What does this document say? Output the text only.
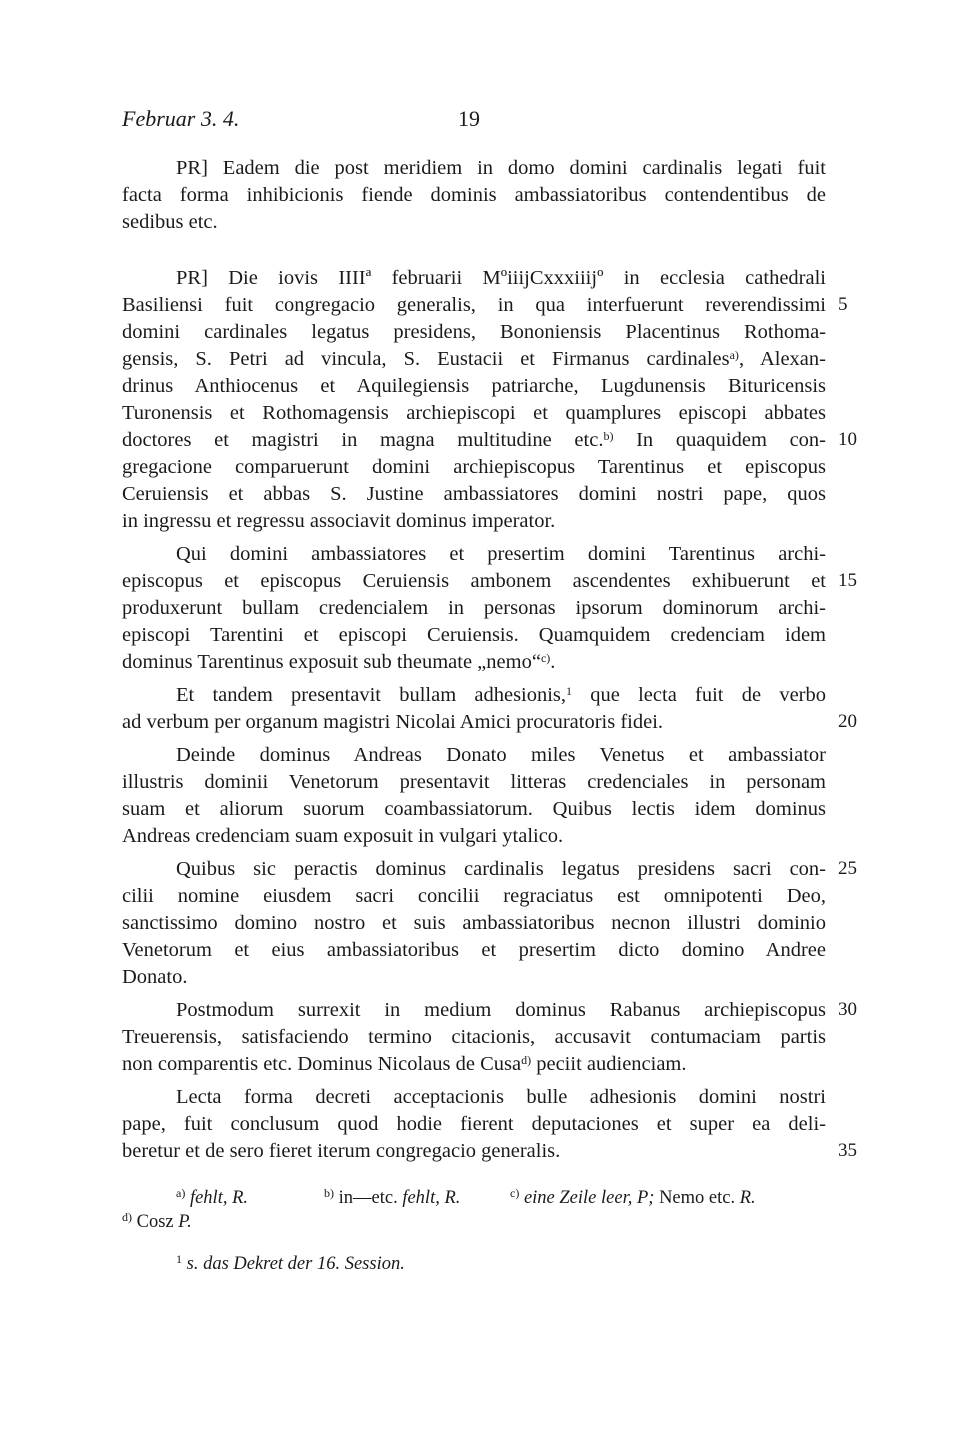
Februar 3. 4.	19
PR] Eadem die post meridiem in domo domini cardinalis legati fuit
facta forma inhibicionis fiende dominis ambassiatoribus contendentibus de
sedibus etc.
PR] Die iovis IIIIª februarii MºiiijCxxxiiijº in ecclesia cathedrali
Basiliensi fuit congregacio generalis, in qua interfuerunt reverendissimi
domini cardinales legatus presidens, Bononiensis Placentinus Rothoma-
gensis, S. Petri ad vincula, S. Eustacii et Firmanus cardinales$^{a)}$, Alexan-
drinus Anthiocenus et Aquilegiensis patriarche, Lugdunensis Bituricensis
Turonensis et Rothomagensis archiepiscopi et quamplures episcopi abbates
doctores et magistri in magna multitudine etc.$^{b)}$ In quaquidem con-
gregacione comparuerunt domini archiepiscopus Tarentinus et episcopus
Ceruiensis et abbas S. Justine ambassiatores domini nostri pape, quos
in ingressu et regressu associavit dominus imperator.
Qui domini ambassiatores et presertim domini Tarentinus archi-
episcopus et episcopus Ceruiensis ambonem ascendentes exhibuerunt et
produxerunt bullam credencialem in personas ipsorum dominorum archi-
episcopi Tarentini et episcopi Ceruiensis. Quamquidem credenciam idem
dominus Tarentinus exposuit sub theumate „nemo“$^{c)}$.
Et tandem presentavit bullam adhesionis,$^1$ que lecta fuit de verbo
ad verbum per organum magistri Nicolai Amici procuratoris fidei.
Deinde dominus Andreas Donato miles Venetus et ambassiator
illustris dominii Venetorum presentavit litteras credenciales in personam
suam et aliorum suorum coambassiatorum. Quibus lectis idem dominus
Andreas credenciam suam exposuit in vulgari ytalico.
Quibus sic peractis dominus cardinalis legatus presidens sacri con-
cilii nomine eiusdem sacri concilii regraciatus est omnipotenti Deo,
sanctissimo domino nostro et suis ambassiatoribus necnon illustri dominio
Venetorum et eius ambassiatoribus et presertim dicto domino Andree
Donato.
Postmodum surrexit in medium dominus Rabanus archiepiscopus
Treuerensis, satisfaciendo termino citacionis, accusavit contumaciam partis
non comparentis etc. Dominus Nicolaus de Cusa$^{d)}$ peciit audienciam.
Lecta forma decreti acceptacionis bulle adhesionis domini nostri
pape, fuit conclusum quod hodie fierent deputaciones et super ea deli-
beretur et de sero fieret iterum congregacio generalis.
5
10
15
20
25
30
35
$^{a)}$ fehlt, R.	$^{b)}$ in—etc. fehlt, R.	$^{c)}$ eine Zeile leer, P; Nemo etc. R.
$^{d)}$ Cosz P.
$^1$ s. das Dekret der 16. Session.
